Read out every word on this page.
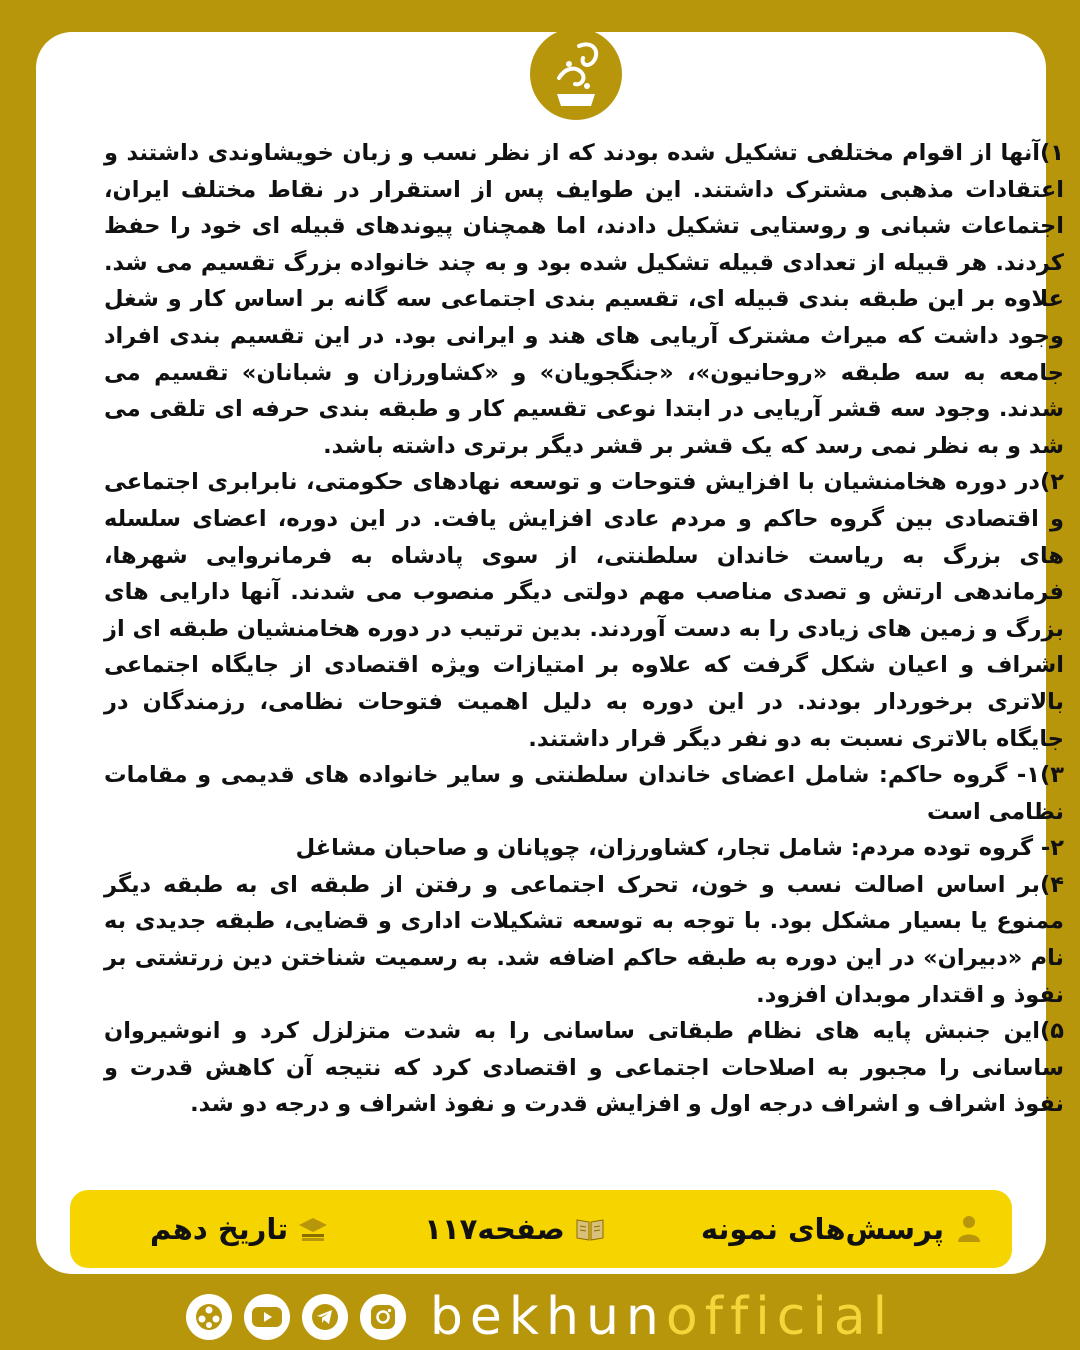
۱)آنها از اقوام مختلفی تشکیل شده بودند که از نظر نسب و زبان خویشاوندی داشتند و اعتقادات مذهبی مشترک داشتند. این طوایف پس از استقرار در نقاط مختلف ایران، اجتماعات شبانی و روستایی تشکیل دادند، اما همچنان پیوندهای قبیله ای خود را حفظ کردند. هر قبیله از تعدادی قبیله تشکیل شده بود و به چند خانواده بزرگ تقسیم می شد. علاوه بر این طبقه بندی قبیله ای، تقسیم بندی اجتماعی سه گانه بر اساس کار و شغل وجود داشت که میراث مشترک آریایی های هند و ایرانی بود. در این تقسیم بندی افراد جامعه به سه طبقه «روحانیون»، «جنگجویان» و «کشاورزان و شبانان» تقسیم می شدند. وجود سه قشر آریایی در ابتدا نوعی تقسیم کار و طبقه بندی حرفه ای تلقی می شد و به نظر نمی رسد که یک قشر بر قشر دیگر برتری داشته باشد.

۲)در دوره هخامنشیان با افزایش فتوحات و توسعه نهادهای حکومتی، نابرابری اجتماعی و اقتصادی بین گروه حاکم و مردم عادی افزایش یافت. در این دوره، اعضای سلسله های بزرگ به ریاست خاندان سلطنتی، از سوی پادشاه به فرمانروایی شهرها، فرماندهی ارتش و تصدی مناصب مهم دولتی دیگر منصوب می شدند. آنها دارایی های بزرگ و زمین های زیادی را به دست آوردند. بدین ترتیب در دوره هخامنشیان طبقه ای از اشراف و اعیان شکل گرفت که علاوه بر امتیازات ویژه اقتصادی از جایگاه اجتماعی بالاتری برخوردار بودند. در این دوره به دلیل اهمیت فتوحات نظامی، رزمندگان در جایگاه بالاتری نسبت به دو نفر دیگر قرار داشتند.

۳)۱- گروه حاکم: شامل اعضای خاندان سلطنتی و سایر خانواده های قدیمی و مقامات نظامی است

۲- گروه توده مردم: شامل تجار، کشاورزان، چوپانان و صاحبان مشاغل

۴)بر اساس اصالت نسب و خون، تحرک اجتماعی و رفتن از طبقه ای به طبقه دیگر ممنوع یا بسیار مشکل بود. با توجه به توسعه تشکیلات اداری و قضایی، طبقه جدیدی به نام «دبیران» در این دوره به طبقه حاکم اضافه شد. به رسمیت شناختن دین زرتشتی بر نفوذ و اقتدار موبدان افزود.

۵)این جنبش پایه های نظام طبقاتی ساسانی را به شدت متزلزل کرد و انوشیروان ساسانی را مجبور به اصلاحات اجتماعی و اقتصادی کرد که نتیجه آن کاهش قدرت و نفوذ اشراف و اشراف درجه اول و افزایش قدرت و نفوذ اشراف و درجه دو شد.

پرسش‌های نمونه
صفحه۱۱۷
تاریخ دهم
bekhunofficial
